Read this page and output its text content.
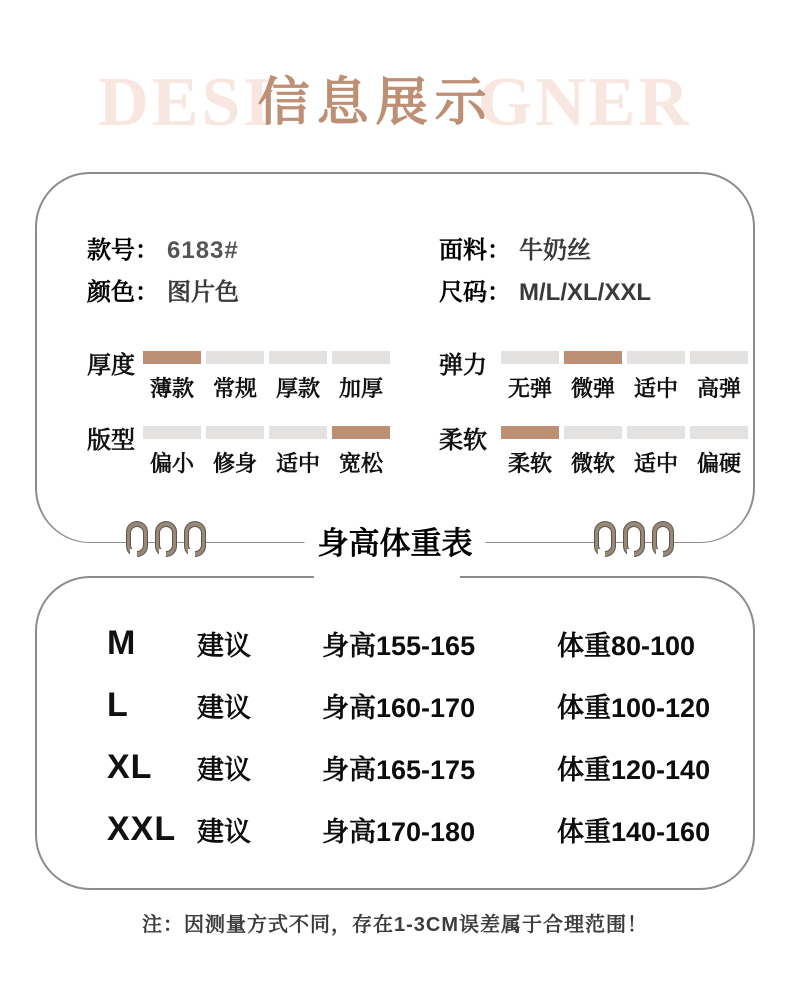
DESI
信息展示
GNER
款号： 6183#	面料： 牛奶丝
颜色： 图片色	尺码： M/L/XL/XXL
厚度
薄款 常规 厚款 加厚
弹力
无弹 微弹 适中 高弹
版型
偏小 修身 适中 宽松
柔软
柔软 微软 适中 偏硬
身高体重表
M	建议	身高155-165	体重80-100
L	建议	身高160-170	体重100-120
XL	建议	身高165-175	体重120-140
XXL 建议	身高170-180	体重140-160
注：因测量方式不同，存在1-3CM误差属于合理范围！
